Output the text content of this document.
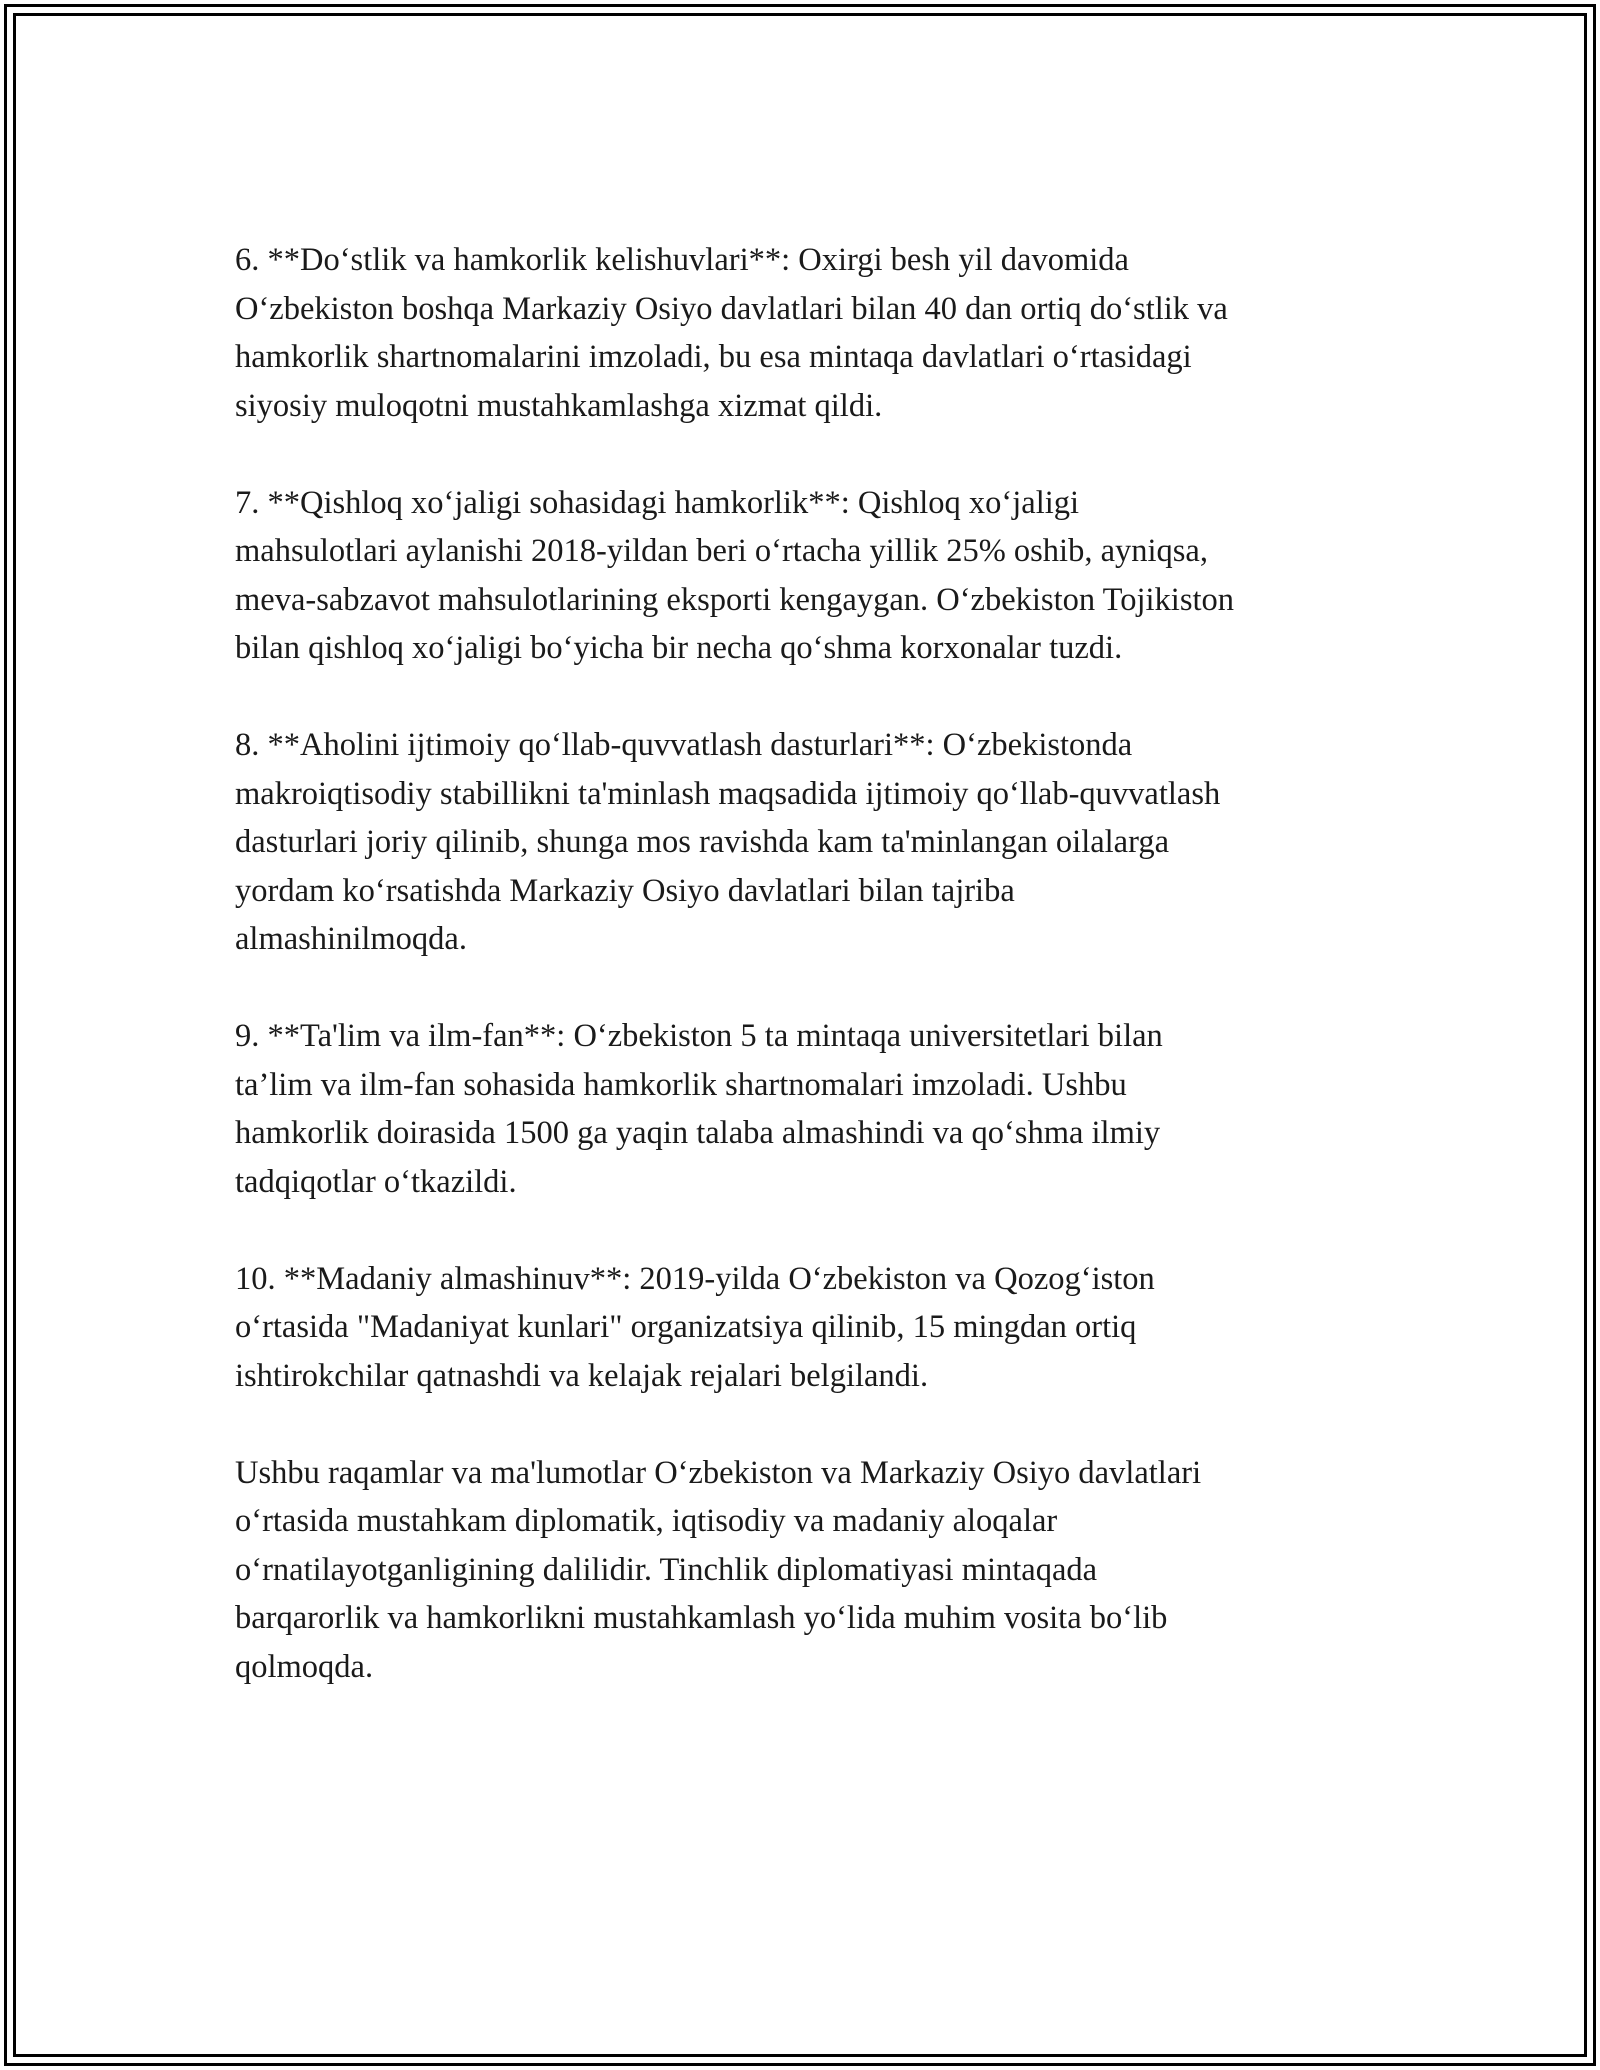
6. **Do‘stlik va hamkorlik kelishuvlari**: Oxirgi besh yil davomida
O‘zbekiston boshqa Markaziy Osiyo davlatlari bilan 40 dan ortiq do‘stlik va
hamkorlik shartnomalarini imzoladi, bu esa mintaqa davlatlari o‘rtasidagi
siyosiy muloqotni mustahkamlashga xizmat qildi.

7. **Qishloq xo‘jaligi sohasidagi hamkorlik**: Qishloq xo‘jaligi
mahsulotlari aylanishi 2018-yildan beri o‘rtacha yillik 25% oshib, ayniqsa,
meva-sabzavot mahsulotlarining eksporti kengaygan. O‘zbekiston Tojikiston
bilan qishloq xo‘jaligi bo‘yicha bir necha qo‘shma korxonalar tuzdi.

8. **Aholini ijtimoiy qo‘llab-quvvatlash dasturlari**: O‘zbekistonda
makroiqtisodiy stabillikni ta'minlash maqsadida ijtimoiy qo‘llab-quvvatlash
dasturlari joriy qilinib, shunga mos ravishda kam ta'minlangan oilalarga
yordam ko‘rsatishda Markaziy Osiyo davlatlari bilan tajriba
almashinilmoqda.

9. **Ta'lim va ilm-fan**: O‘zbekiston 5 ta mintaqa universitetlari bilan
ta’lim va ilm-fan sohasida hamkorlik shartnomalari imzoladi. Ushbu
hamkorlik doirasida 1500 ga yaqin talaba almashindi va qo‘shma ilmiy
tadqiqotlar o‘tkazildi.

10. **Madaniy almashinuv**: 2019-yilda O‘zbekiston va Qozog‘iston
o‘rtasida "Madaniyat kunlari" organizatsiya qilinib, 15 mingdan ortiq
ishtirokchilar qatnashdi va kelajak rejalari belgilandi.

Ushbu raqamlar va ma'lumotlar O‘zbekiston va Markaziy Osiyo davlatlari
o‘rtasida mustahkam diplomatik, iqtisodiy va madaniy aloqalar
o‘rnatilayotganligining dalilidir. Tinchlik diplomatiyasi mintaqada
barqarorlik va hamkorlikni mustahkamlash yo‘lida muhim vosita bo‘lib
qolmoqda.
